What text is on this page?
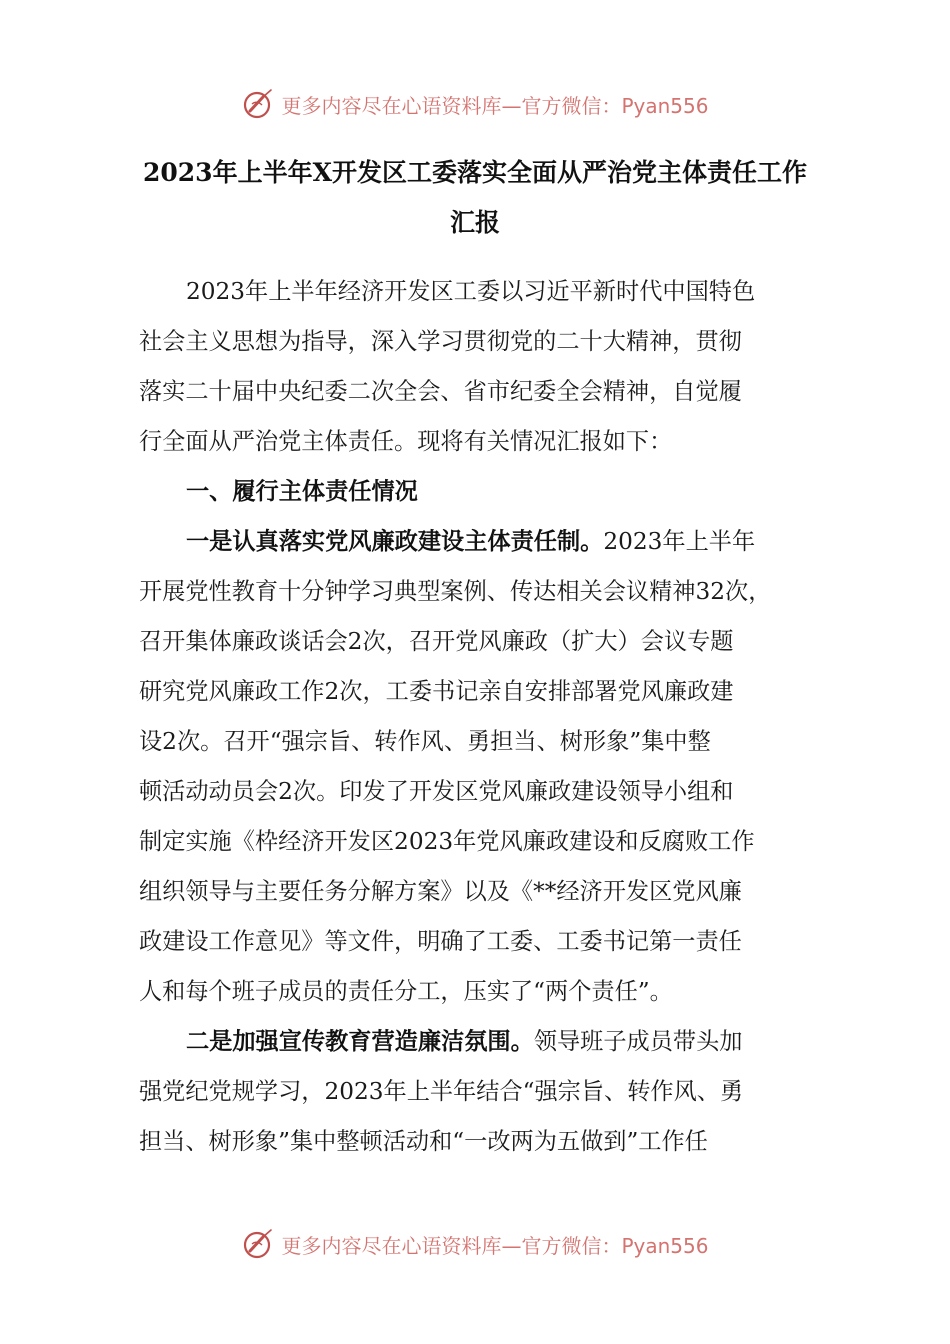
更多内容尽在心语资料库—官方微信：Pyan556
2023年上半年X开发区工委落实全面从严治党主体责任工作
汇报
2023年上半年经济开发区工委以习近平新时代中国特色
社会主义思想为指导，深入学习贯彻党的二十大精神，贯彻
落实二十届中央纪委二次全会、省市纪委全会精神，自觉履
行全面从严治党主体责任。现将有关情况汇报如下：
一、履行主体责任情况
一是认真落实党风廉政建设主体责任制。2023年上半年
开展党性教育十分钟学习典型案例、传达相关会议精神32次，
召开集体廉政谈话会2次，召开党风廉政（扩大）会议专题
研究党风廉政工作2次，工委书记亲自安排部署党风廉政建
设2次。召开“强宗旨、转作风、勇担当、树形象”集中整
顿活动动员会2次。印发了开发区党风廉政建设领导小组和
制定实施《枠经济开发区2023年党风廉政建设和反腐败工作
组织领导与主要任务分解方案》以及《**经济开发区党风廉
政建设工作意见》等文件，明确了工委、工委书记第一责任
人和每个班子成员的责任分工，压实了“两个责任”。
二是加强宣传教育营造廉洁氛围。领导班子成员带头加
强党纪党规学习，2023年上半年结合“强宗旨、转作风、勇
担当、树形象”集中整顿活动和“一改两为五做到”工作任
更多内容尽在心语资料库—官方微信：Pyan556
